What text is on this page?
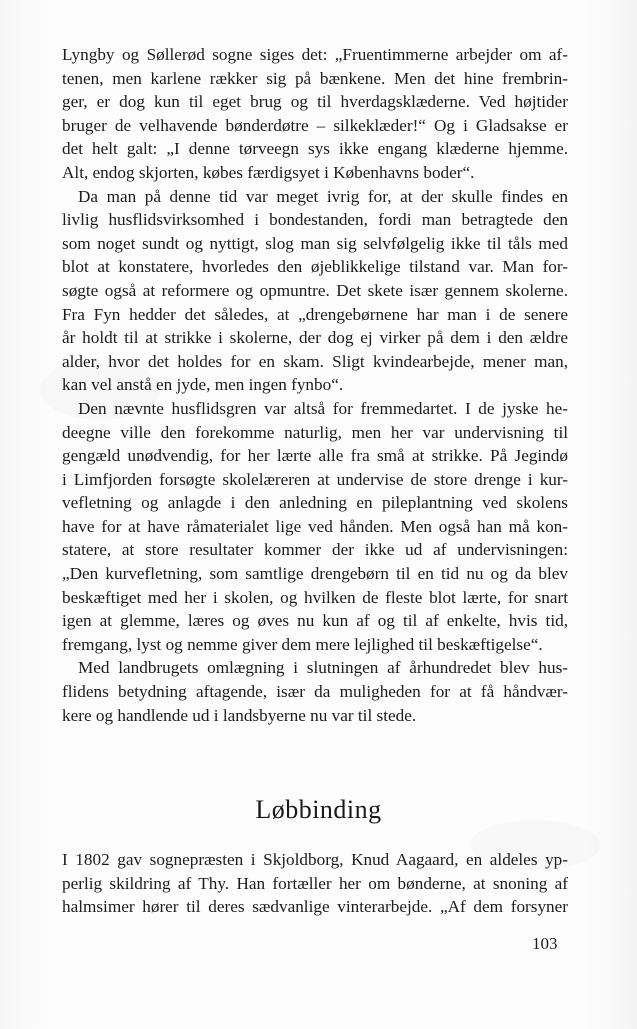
Lyngby og Søllerød sogne siges det: „Fruentimmerne arbejder om af-
tenen, men karlene rækker sig på bænkene. Men det hine frembrin-
ger, er dog kun til eget brug og til hverdagsklæderne. Ved højtider
bruger de velhavende bønderdøtre – silkeklæder!“ Og i Gladsakse er
det helt galt: „I denne tørveegn sys ikke engang klæderne hjemme.
Alt, endog skjorten, købes færdigsyet i Københavns boder“.
Da man på denne tid var meget ivrig for, at der skulle findes en
livlig husflidsvirksomhed i bondestanden, fordi man betragtede den
som noget sundt og nyttigt, slog man sig selvfølgelig ikke til tåls med
blot at konstatere, hvorledes den øjeblikkelige tilstand var. Man for-
søgte også at reformere og opmuntre. Det skete især gennem skolerne.
Fra Fyn hedder det således, at „drengebørnene har man i de senere
år holdt til at strikke i skolerne, der dog ej virker på dem i den ældre
alder, hvor det holdes for en skam. Sligt kvindearbejde, mener man,
kan vel anstå en jyde, men ingen fynbo“.
Den nævnte husflidsgren var altså for fremmedartet. I de jyske he-
deegne ville den forekomme naturlig, men her var undervisning til
gengæld unødvendig, for her lærte alle fra små at strikke. På Jegindø
i Limfjorden forsøgte skolelæreren at undervise de store drenge i kur-
vefletning og anlagde i den anledning en pileplantning ved skolens
have for at have råmaterialet lige ved hånden. Men også han må kon-
statere, at store resultater kommer der ikke ud af undervisningen:
„Den kurvefletning, som samtlige drengebørn til en tid nu og da blev
beskæftiget med her i skolen, og hvilken de fleste blot lærte, for snart
igen at glemme, læres og øves nu kun af og til af enkelte, hvis tid,
fremgang, lyst og nemme giver dem mere lejlighed til beskæftigelse“.
Med landbrugets omlægning i slutningen af århundredet blev hus-
flidens betydning aftagende, især da muligheden for at få håndvær-
kere og handlende ud i landsbyerne nu var til stede.
Løbbinding
I 1802 gav sognepræsten i Skjoldborg, Knud Aagaard, en aldeles yp-
perlig skildring af Thy. Han fortæller her om bønderne, at snoning af
halmsimer hører til deres sædvanlige vinterarbejde. „Af dem forsyner
103
